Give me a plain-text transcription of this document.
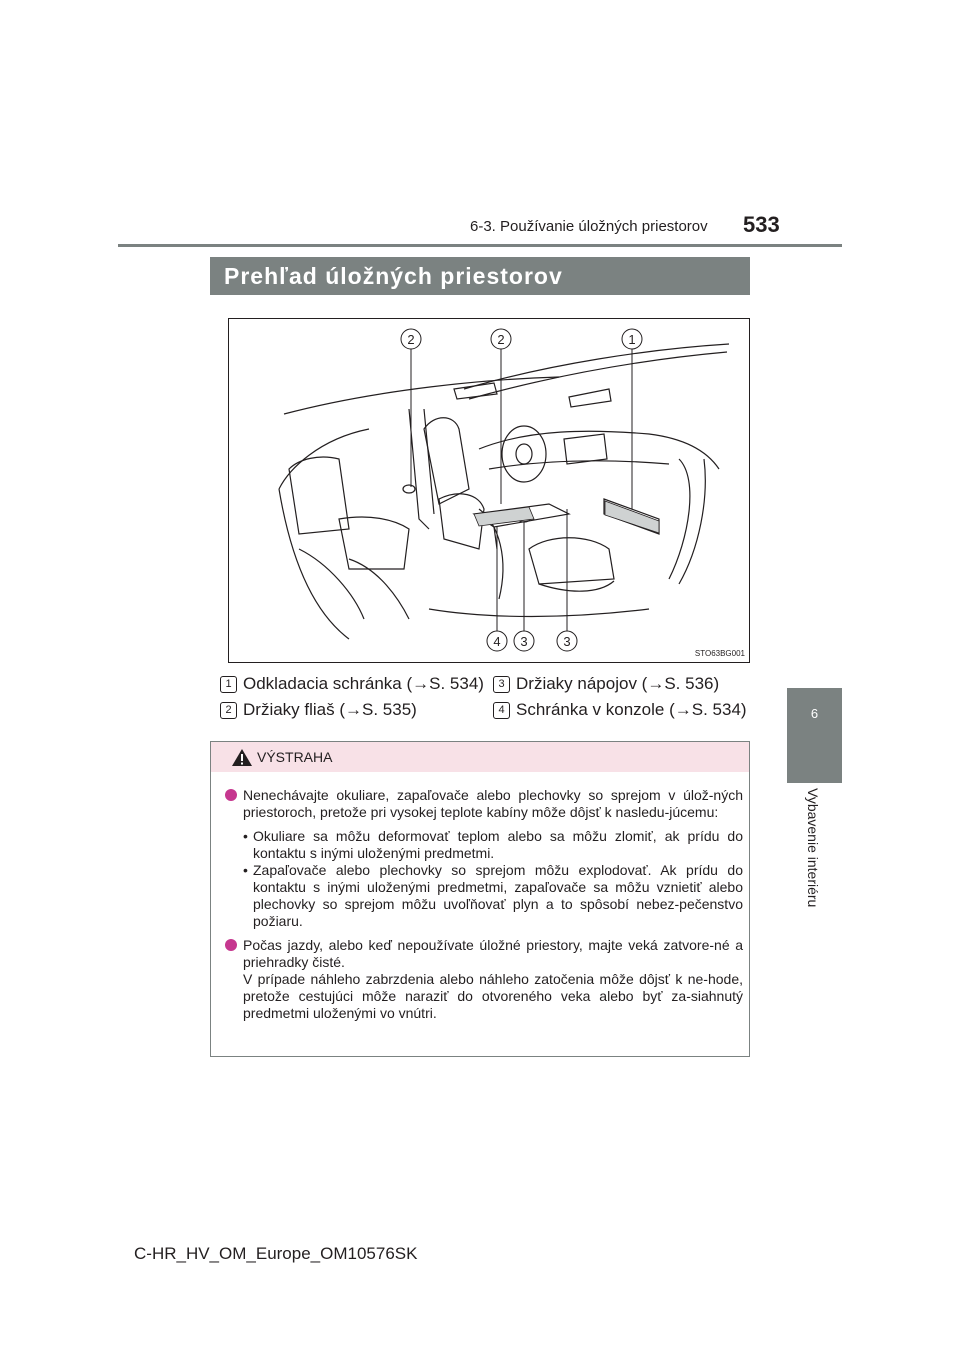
6-3. Používanie úložných priestorov 533
6
Vybavenie interiéru
Prehľad úložných priestorov
2	2	1
4 3	3
STO63BG001
1 Odkladacia schránka (→S. 534)	3 Držiaky nápojov (→S. 536)
2 Držiaky fliaš (→S. 535)	4 Schránka v konzole (→S. 534)
VÝSTRAHA
Nenechávajte okuliare, zapaľovače alebo plechovky so sprejom v úlož-ných priestoroch, pretože pri vysokej teplote kabíny môže dôjsť k nasledu-júcemu:
• Okuliare sa môžu deformovať teplom alebo sa môžu zlomiť, ak prídu do kontaktu s inými uloženými predmetmi.
• Zapaľovače alebo plechovky so sprejom môžu explodovať. Ak prídu do kontaktu s inými uloženými predmetmi, zapaľovače sa môžu vznietiť alebo plechovky so sprejom môžu uvoľňovať plyn a to spôsobí nebez-pečenstvo požiaru.
Počas jazdy, alebo keď nepoužívate úložné priestory, majte veká zatvore-né a priehradky čisté.
V prípade náhleho zabrzdenia alebo náhleho zatočenia môže dôjsť k ne-hode, pretože cestujúci môže naraziť do otvoreného veka alebo byť za-siahnutý predmetmi uloženými vo vnútri.
C-HR_HV_OM_Europe_OM10576SK
